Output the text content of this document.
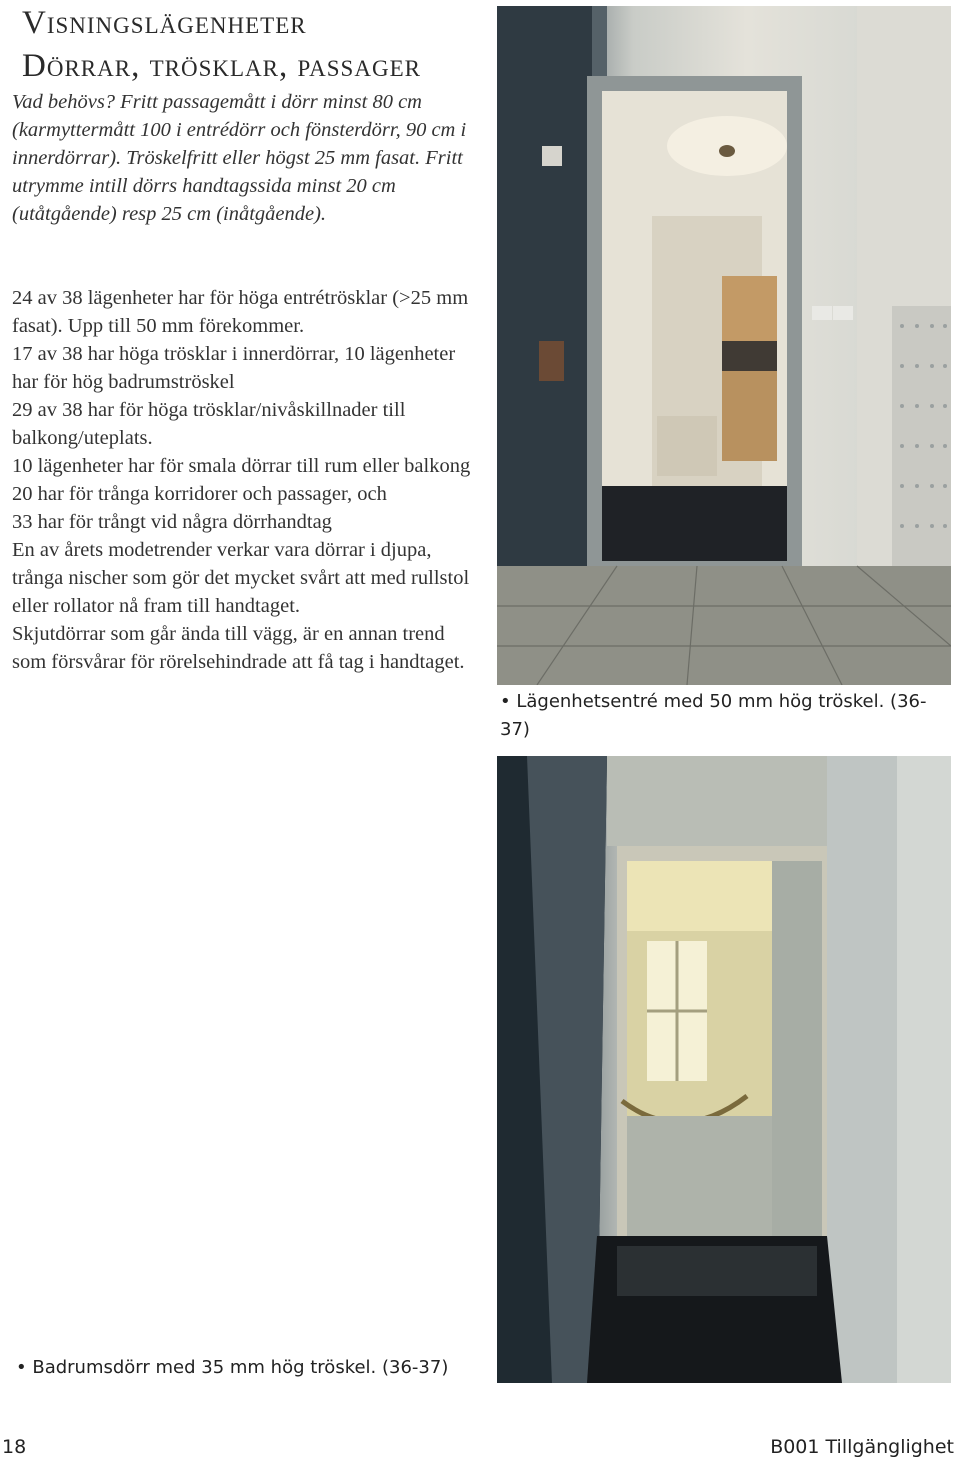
Visningslägenheter
Dörrar, trösklar, passager
Vad behövs? Fritt passagemått i dörr minst 80 cm (karmyttermått 100 i entrédörr och fönsterdörr, 90 cm i innerdörrar). Tröskelfritt eller högst 25 mm fasat. Fritt utrymme intill dörrs handtagssida minst 20 cm (utåtgående) resp 25 cm (inåtgående).

24 av 38 lägenheter har för höga entrétrösklar (>25 mm fasat). Upp till 50 mm förekommer.

17 av 38 har höga trösklar i innerdörrar, 10 lägenheter har för hög badrumströskel

29 av 38 har för höga trösklar/nivåskillnader till balkong/uteplats.

10 lägenheter har för smala dörrar till rum eller balkong

20 har för trånga korridorer och passager, och

33 har för trångt vid några dörrhandtag

En av årets modetrender verkar vara dörrar i djupa, trånga nischer som gör det mycket svårt att med rullstol eller rollator nå fram till handtaget.

Skjutdörrar som går ända till vägg, är en annan trend som försvårar för rörelsehindrade att få tag i handtaget.

• Lägenhetsentré med 50 mm hög tröskel. (36-37)
• Badrumsdörr med 35 mm hög tröskel. (36-37)
18	B001 Tillgänglighet
